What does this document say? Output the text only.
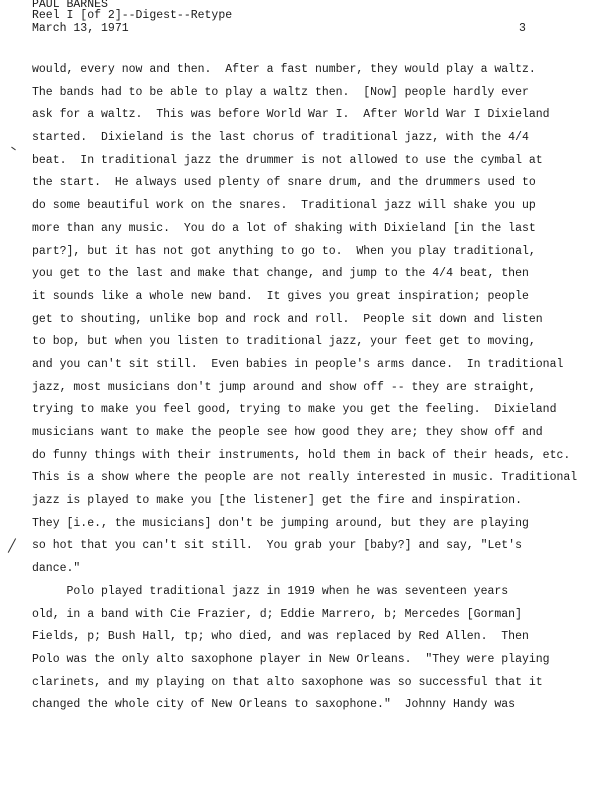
PAUL BARNES
Reel I [of 2]--Digest--Retype
March 13, 1971	3
would, every now and then.  After a fast number, they would play a waltz.
The bands had to be able to play a waltz then.  [Now] people hardly ever
ask for a waltz.  This was before World War I.  After World War I Dixieland
started.  Dixieland is the last chorus of traditional jazz, with the 4/4
beat.  In traditional jazz the drummer is not allowed to use the cymbal at
the start.  He always used plenty of snare drum, and the drummers used to
do some beautiful work on the snares.  Traditional jazz will shake you up
more than any music.  You do a lot of shaking with Dixieland [in the last
part?], but it has not got anything to go to.  When you play traditional,
you get to the last and make that change, and jump to the 4/4 beat, then
it sounds like a whole new band.  It gives you great inspiration; people
get to shouting, unlike bop and rock and roll.  People sit down and listen
to bop, but when you listen to traditional jazz, your feet get to moving,
and you can't sit still.  Even babies in people's arms dance.  In traditional
jazz, most musicians don't jump around and show off -- they are straight,
trying to make you feel good, trying to make you get the feeling.  Dixieland
musicians want to make the people see how good they are; they show off and
do funny things with their instruments, hold them in back of their heads, etc.
This is a show where the people are not really interested in music. Traditional
jazz is played to make you [the listener] get the fire and inspiration.
They [i.e., the musicians] don't be jumping around, but they are playing
so hot that you can't sit still.  You grab your [baby?] and say, "Let's
dance."
Polo played traditional jazz in 1919 when he was seventeen years
old, in a band with Cie Frazier, d; Eddie Marrero, b; Mercedes [Gorman]
Fields, p; Bush Hall, tp; who died, and was replaced by Red Allen.  Then
Polo was the only alto saxophone player in New Orleans.  "They were playing
clarinets, and my playing on that alto saxophone was so successful that it
changed the whole city of New Orleans to saxophone."  Johnny Handy was
